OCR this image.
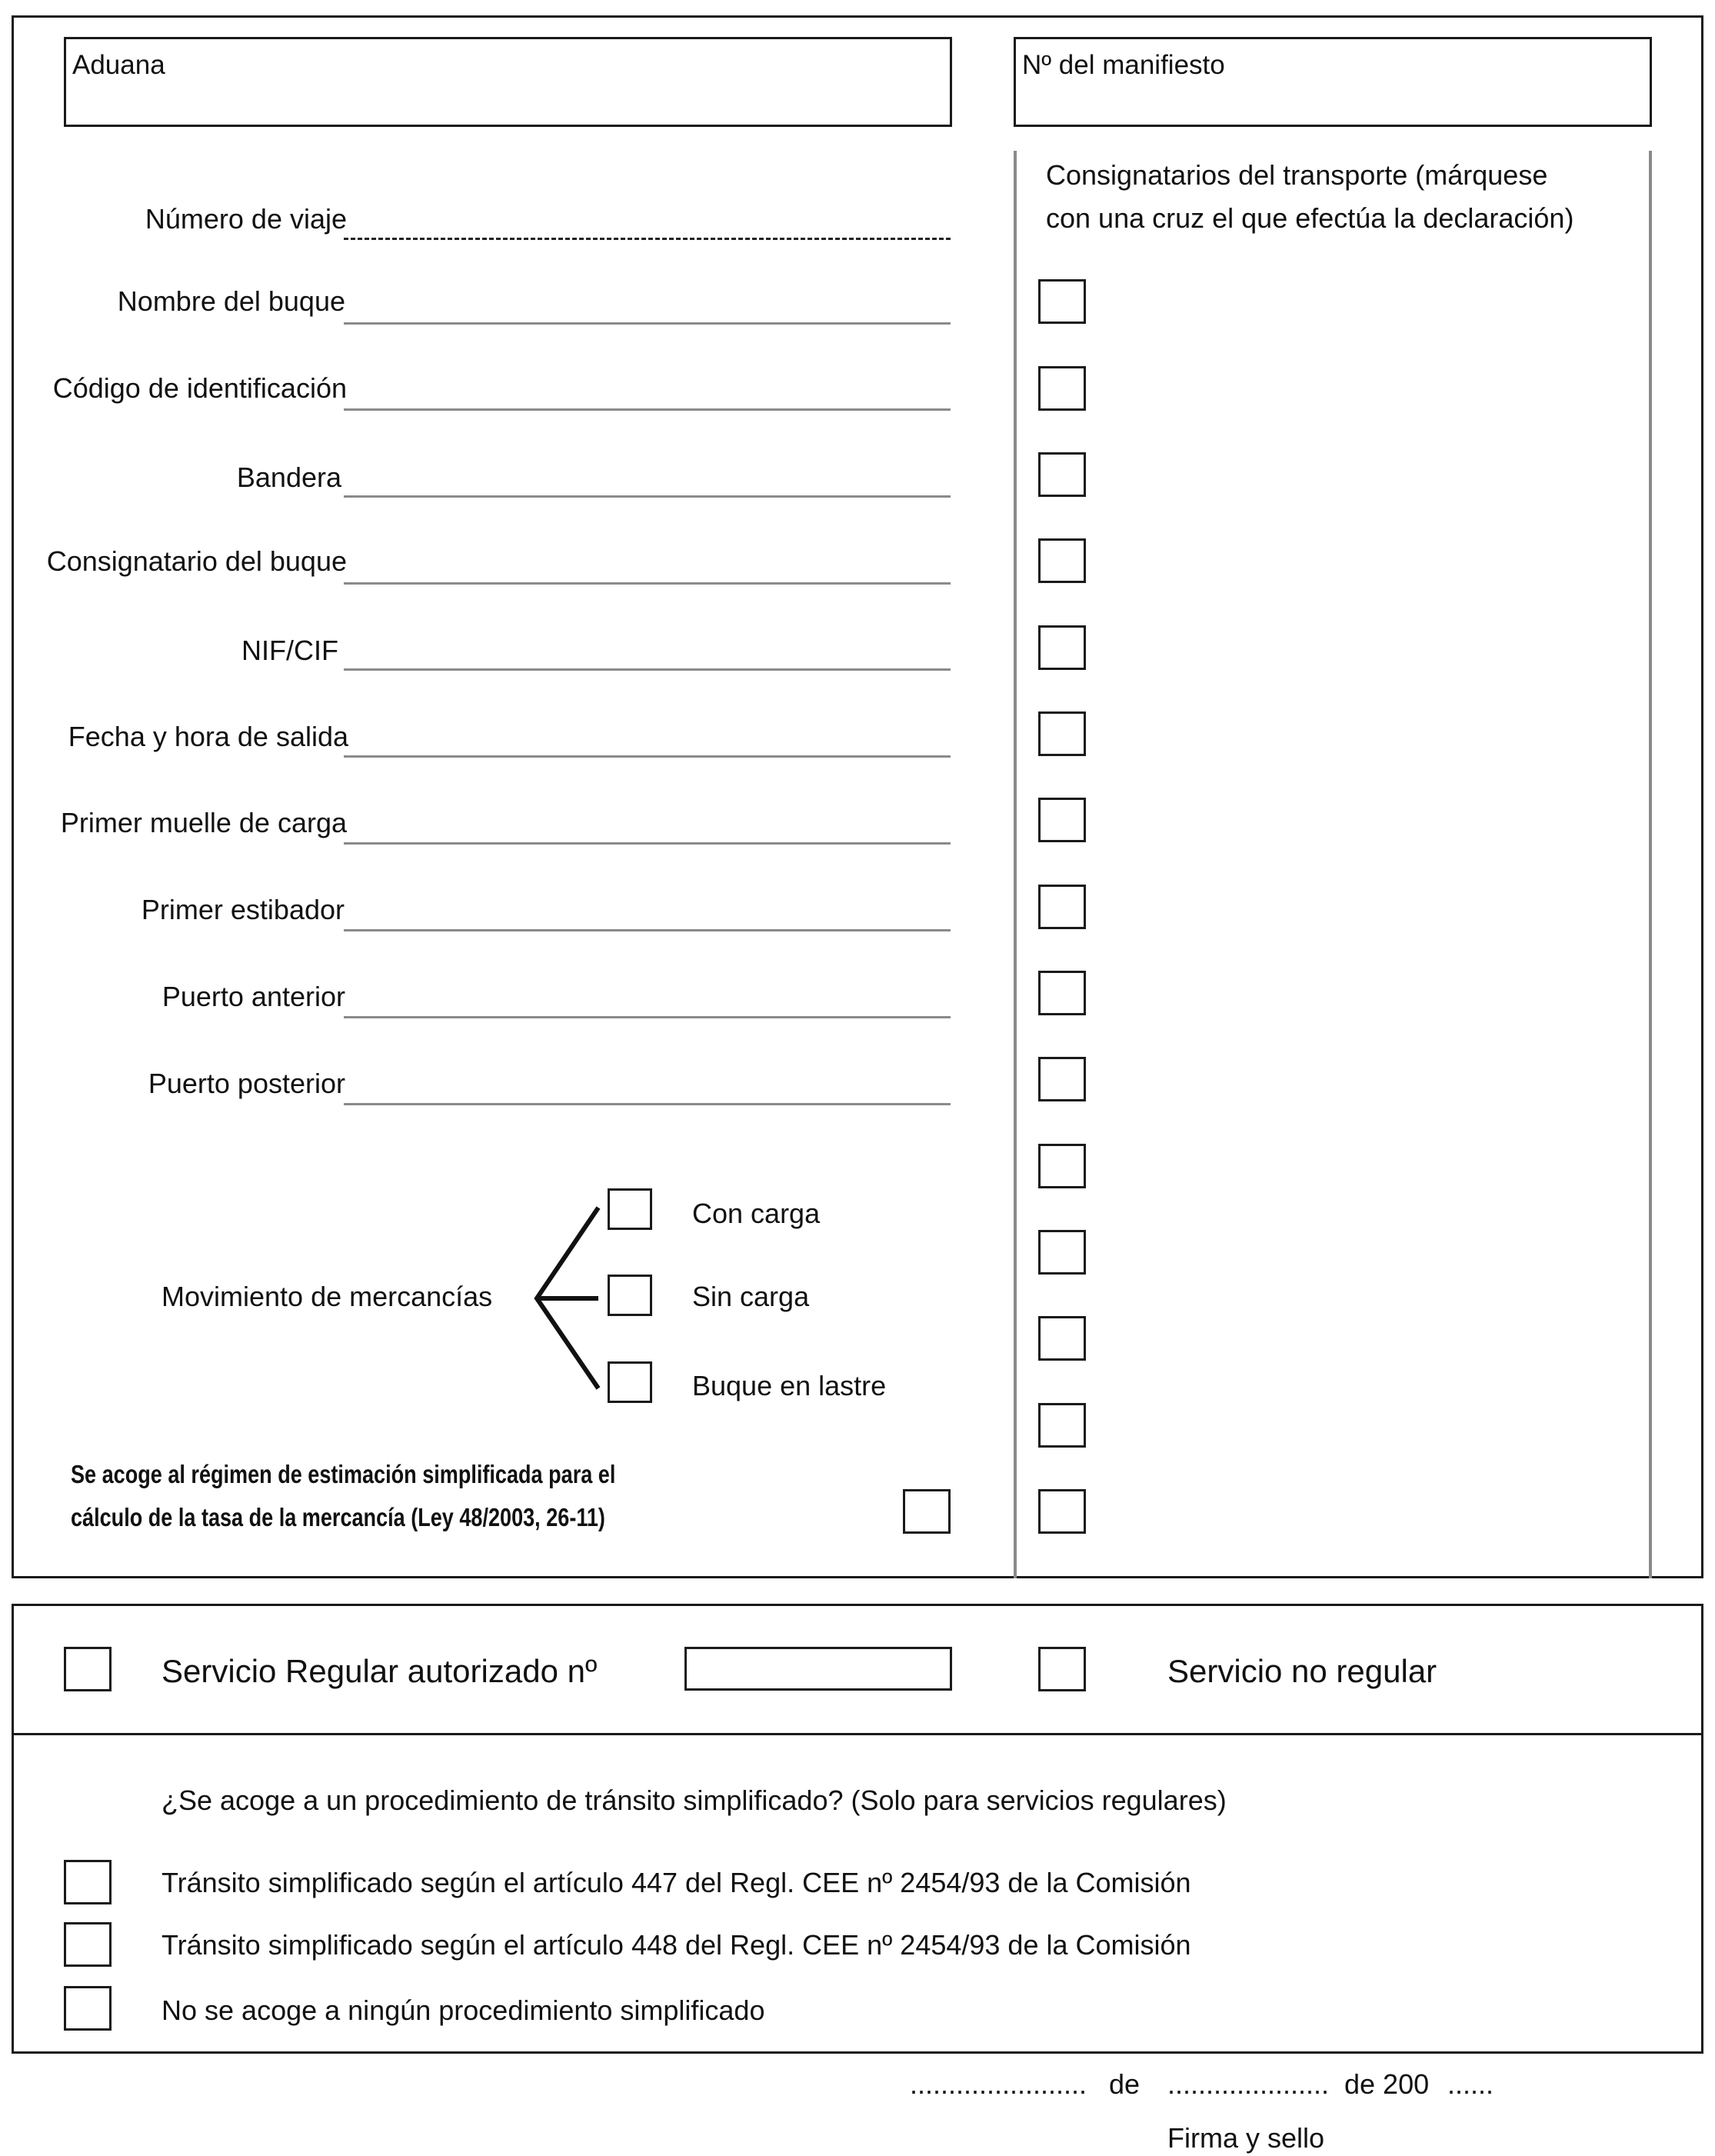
Aduana	Nº del manifiesto
Consignatarios del transporte (márquese
con una cruz el que efectúa la declaración)
Número de viaje
Nombre del buque
Código de identificación
Bandera
Consignatario del buque
NIF/CIF
Fecha y hora de salida
Primer muelle de carga
Primer estibador
Puerto anterior
Puerto posterior
Movimiento de mercancías
Con carga
Sin carga
Buque en lastre
Se acoge al régimen de estimación simplificada para el
cálculo de la tasa de la mercancía (Ley 48/2003, 26-11)
Servicio Regular autorizado nº	Servicio no regular
¿Se acoge a un procedimiento de tránsito simplificado? (Solo para servicios regulares)
Tránsito simplificado según el artículo 447 del Regl. CEE nº 2454/93 de la Comisión
Tránsito simplificado según el artículo 448 del Regl. CEE nº 2454/93 de la Comisión
No se acoge a ningún procedimiento simplificado
....................... de ..................... de 200 ......
Firma y sello
